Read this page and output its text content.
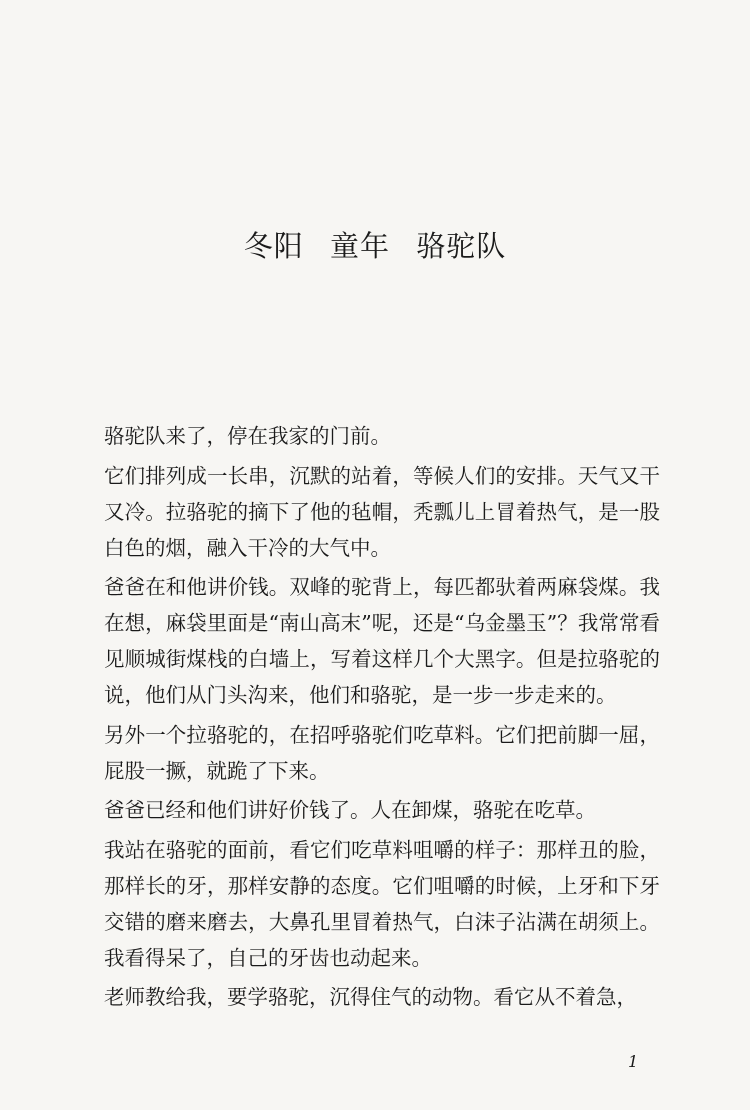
冬阳 童年 骆驼队

骆驼队来了，停在我家的门前。

它们排列成一长串，沉默的站着，等候人们的安排。天气又干又冷。拉骆驼的摘下了他的毡帽，秃瓢儿上冒着热气，是一股白色的烟，融入干冷的大气中。

爸爸在和他讲价钱。双峰的驼背上，每匹都驮着两麻袋煤。我在想，麻袋里面是“南山高末”呢，还是“乌金墨玉”？我常常看见顺城街煤栈的白墙上，写着这样几个大黑字。但是拉骆驼的说，他们从门头沟来，他们和骆驼，是一步一步走来的。

另外一个拉骆驼的，在招呼骆驼们吃草料。它们把前脚一屈，屁股一撅，就跪了下来。

爸爸已经和他们讲好价钱了。人在卸煤，骆驼在吃草。

我站在骆驼的面前，看它们吃草料咀嚼的样子：那样丑的脸，那样长的牙，那样安静的态度。它们咀嚼的时候，上牙和下牙交错的磨来磨去，大鼻孔里冒着热气，白沫子沾满在胡须上。我看得呆了，自己的牙齿也动起来。

老师教给我，要学骆驼，沉得住气的动物。看它从不着急，

1
